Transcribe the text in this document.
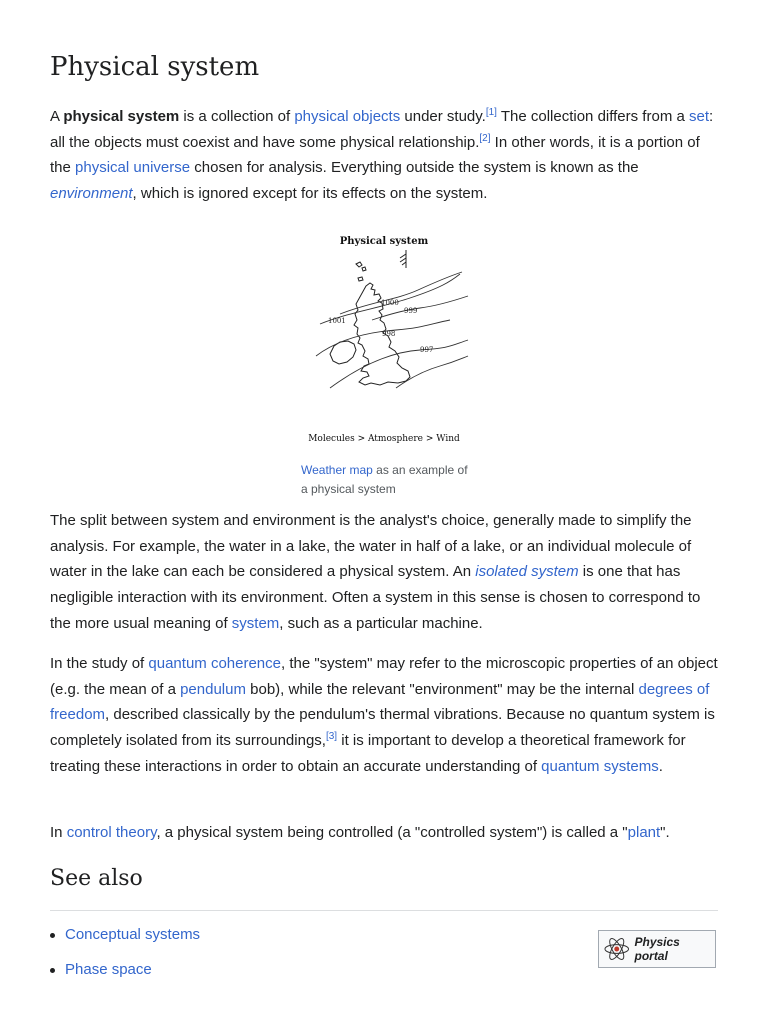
Physical system

A physical system is a collection of physical objects under study.[1] The collection differs from a set: all the objects must coexist and have some physical relationship.[2] In other words, it is a portion of the physical universe chosen for analysis. Everything outside the system is known as the environment, which is ignored except for its effects on the system.

Physical system
1001
1000
999
998
997
Molecules > Atmosphere > Wind
Weather map as an example of a physical system

The split between system and environment is the analyst's choice, generally made to simplify the analysis. For example, the water in a lake, the water in half of a lake, or an individual molecule of water in the lake can each be considered a physical system. An isolated system is one that has negligible interaction with its environment. Often a system in this sense is chosen to correspond to the more usual meaning of system, such as a particular machine.

In the study of quantum coherence, the "system" may refer to the microscopic properties of an object (e.g. the mean of a pendulum bob), while the relevant "environment" may be the internal degrees of freedom, described classically by the pendulum's thermal vibrations. Because no quantum system is completely isolated from its surroundings,[3] it is important to develop a theoretical framework for treating these interactions in order to obtain an accurate understanding of quantum systems.

In control theory, a physical system being controlled (a "controlled system") is called a "plant".

See also
Conceptual systems
Phase space
Physics portal
